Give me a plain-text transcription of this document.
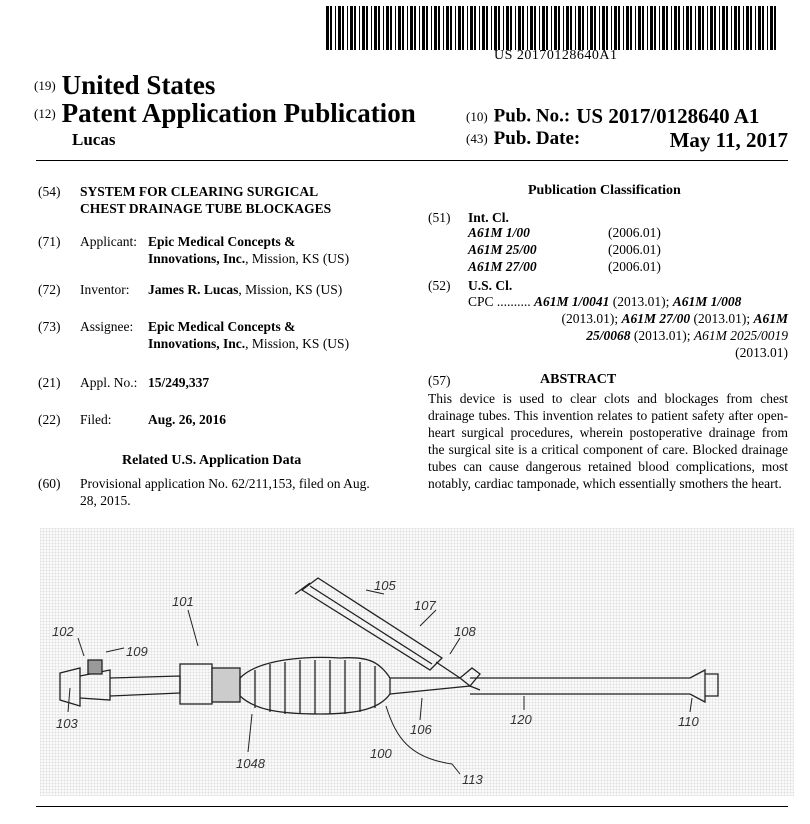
US 20170128640A1
(19) United States
(12) Patent Application Publication
Lucas
(10) Pub. No.: US 2017/0128640 A1
(43) Pub. Date:	May 11, 2017
(54) SYSTEM FOR CLEARING SURGICAL
CHEST DRAINAGE TUBE BLOCKAGES
(71) Applicant: Epic Medical Concepts &
Innovations, Inc., Mission, KS (US)
(72) Inventor: James R. Lucas, Mission, KS (US)
(73) Assignee: Epic Medical Concepts &
Innovations, Inc., Mission, KS (US)
(21) Appl. No.: 15/249,337
(22) Filed:	Aug. 26, 2016
Related U.S. Application Data
(60) Provisional application No. 62/211,153, filed on Aug.
28, 2015.
Publication Classification
(51) Int. Cl.
A61M 1/00	(2006.01)
A61M 25/00	(2006.01)
A61M 27/00	(2006.01)
(52) U.S. Cl.
CPC .......... A61M 1/0041 (2013.01); A61M 1/008
(2013.01); A61M 27/00 (2013.01); A61M
25/0068 (2013.01); A61M 2025/0019
(2013.01)
(57)	ABSTRACT
This device is used to clear clots and blockages from chest drainage tubes. This invention relates to patient safety after open-heart surgical procedures, wherein postoperative drainage from the surgical site is a critical component of care. Blocked drainage tubes can cause dangerous retained blood complications, most notably, cardiac tamponade, which essentially smothers the heart.
102
109
101
105
107
108
103
1048
106
120	110
100
113
